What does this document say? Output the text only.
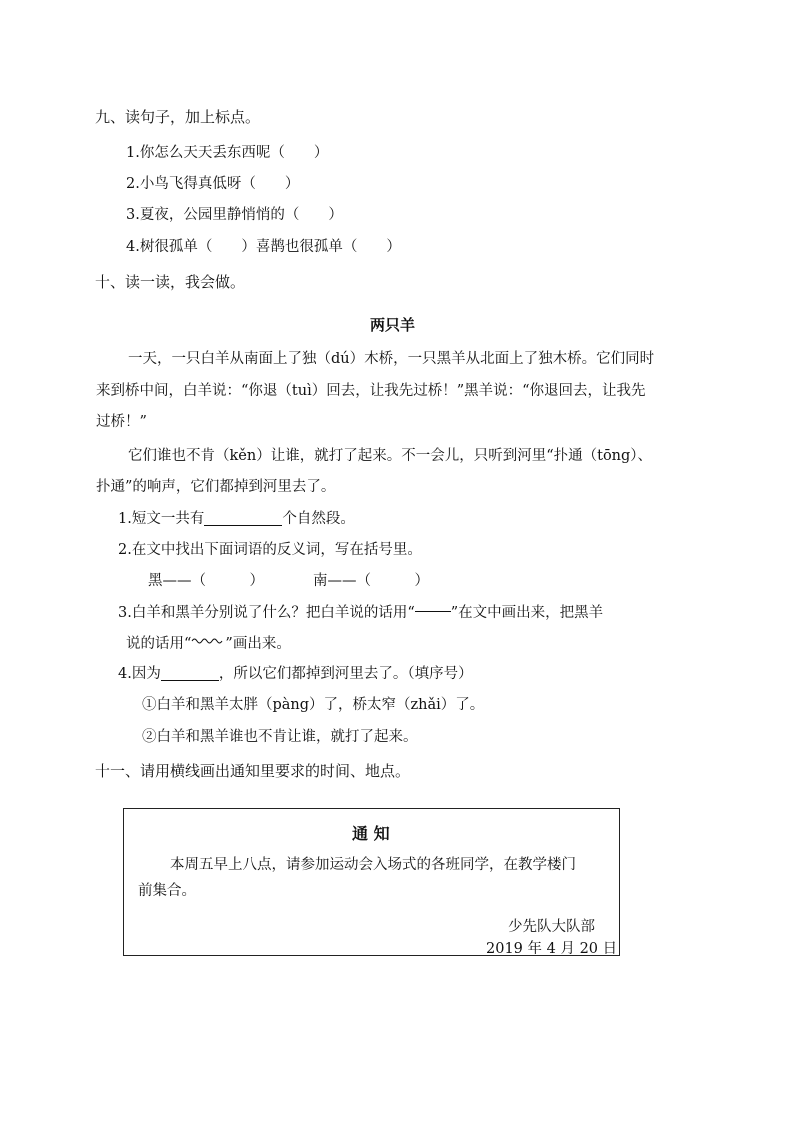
九、读句子，加上标点。
1.你怎么天天丢东西呢（　　）
2.小鸟飞得真低呀（　　）
3.夏夜，公园里静悄悄的（　　）
4.树很孤单（　　）喜鹊也很孤单（　　）
十、读一读，我会做。
两只羊
一天，一只白羊从南面上了独（dú）木桥，一只黑羊从北面上了独木桥。它们同时
来到桥中间，白羊说：“你退（tuì）回去，让我先过桥！”黑羊说：“你退回去，让我先
过桥！”
它们谁也不肯（kěn）让谁，就打了起来。不一会儿，只听到河里“扑通（tōng）、
扑通”的响声，它们都掉到河里去了。
1.短文一共有	个自然段。
2.在文中找出下面词语的反义词，写在括号里。
黑——（　　　）	南——（　　　）
3.白羊和黑羊分别说了什么？把白羊说的话用“ ”在文中画出来，把黑羊
说的话用“ ”画出来。
4.因为	，所以它们都掉到河里去了。（填序号）
①白羊和黑羊太胖（pàng）了，桥太窄（zhǎi）了。
②白羊和黑羊谁也不肯让谁，就打了起来。
十一、请用横线画出通知里要求的时间、地点。
通 知
本周五早上八点，请参加运动会入场式的各班同学，在教学楼门
前集合。
少先队大队部
2019 年 4 月 20 日
